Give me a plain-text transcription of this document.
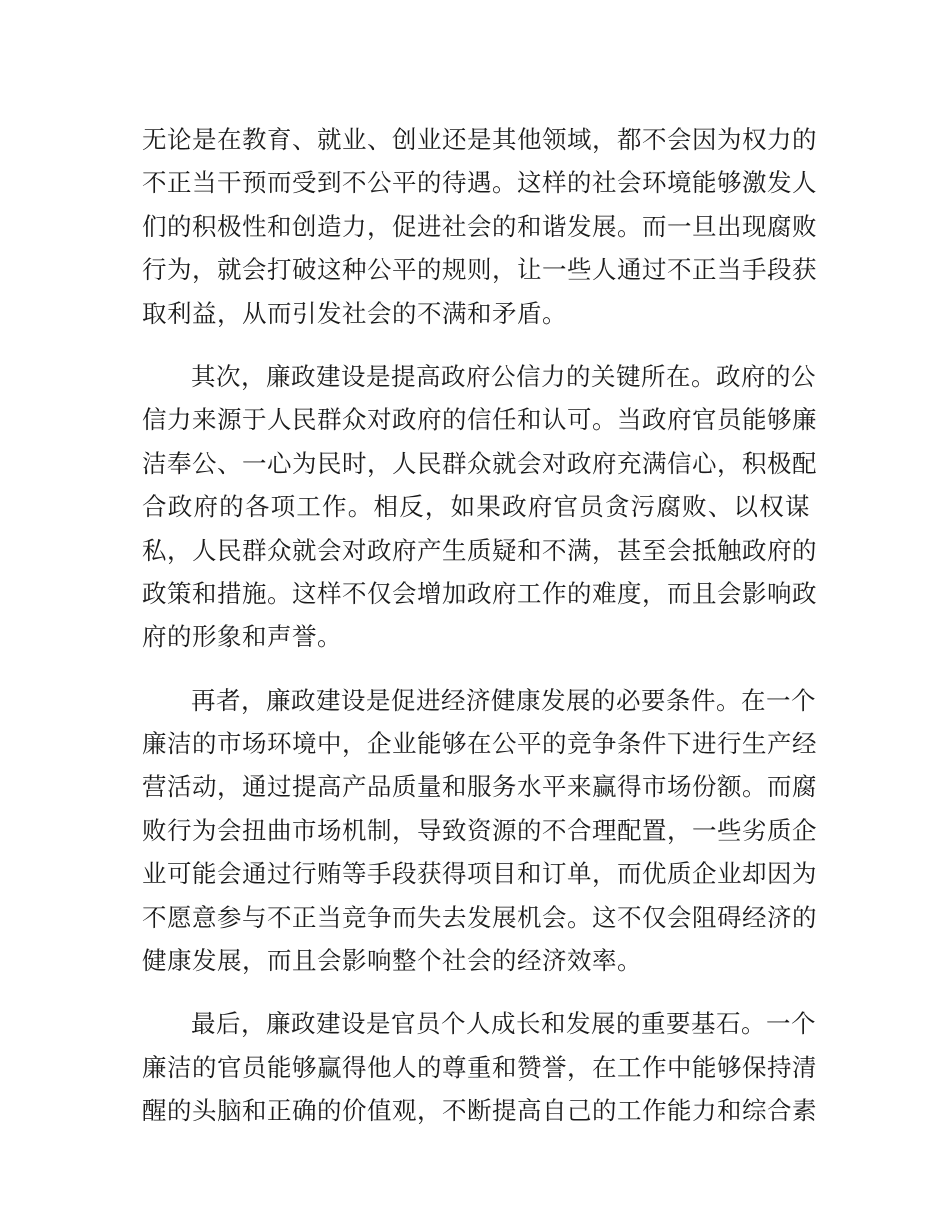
无论是在教育、就业、创业还是其他领域，都不会因为权力的
不正当干预而受到不公平的待遇。这样的社会环境能够激发人
们的积极性和创造力，促进社会的和谐发展。而一旦出现腐败
行为，就会打破这种公平的规则，让一些人通过不正当手段获
取利益，从而引发社会的不满和矛盾。
其次，廉政建设是提高政府公信力的关键所在。政府的公
信力来源于人民群众对政府的信任和认可。当政府官员能够廉
洁奉公、一心为民时，人民群众就会对政府充满信心，积极配
合政府的各项工作。相反，如果政府官员贪污腐败、以权谋
私，人民群众就会对政府产生质疑和不满，甚至会抵触政府的
政策和措施。这样不仅会增加政府工作的难度，而且会影响政
府的形象和声誉。
再者，廉政建设是促进经济健康发展的必要条件。在一个
廉洁的市场环境中，企业能够在公平的竞争条件下进行生产经
营活动，通过提高产品质量和服务水平来赢得市场份额。而腐
败行为会扭曲市场机制，导致资源的不合理配置，一些劣质企
业可能会通过行贿等手段获得项目和订单，而优质企业却因为
不愿意参与不正当竞争而失去发展机会。这不仅会阻碍经济的
健康发展，而且会影响整个社会的经济效率。
最后，廉政建设是官员个人成长和发展的重要基石。一个
廉洁的官员能够赢得他人的尊重和赞誉，在工作中能够保持清
醒的头脑和正确的价值观，不断提高自己的工作能力和综合素
